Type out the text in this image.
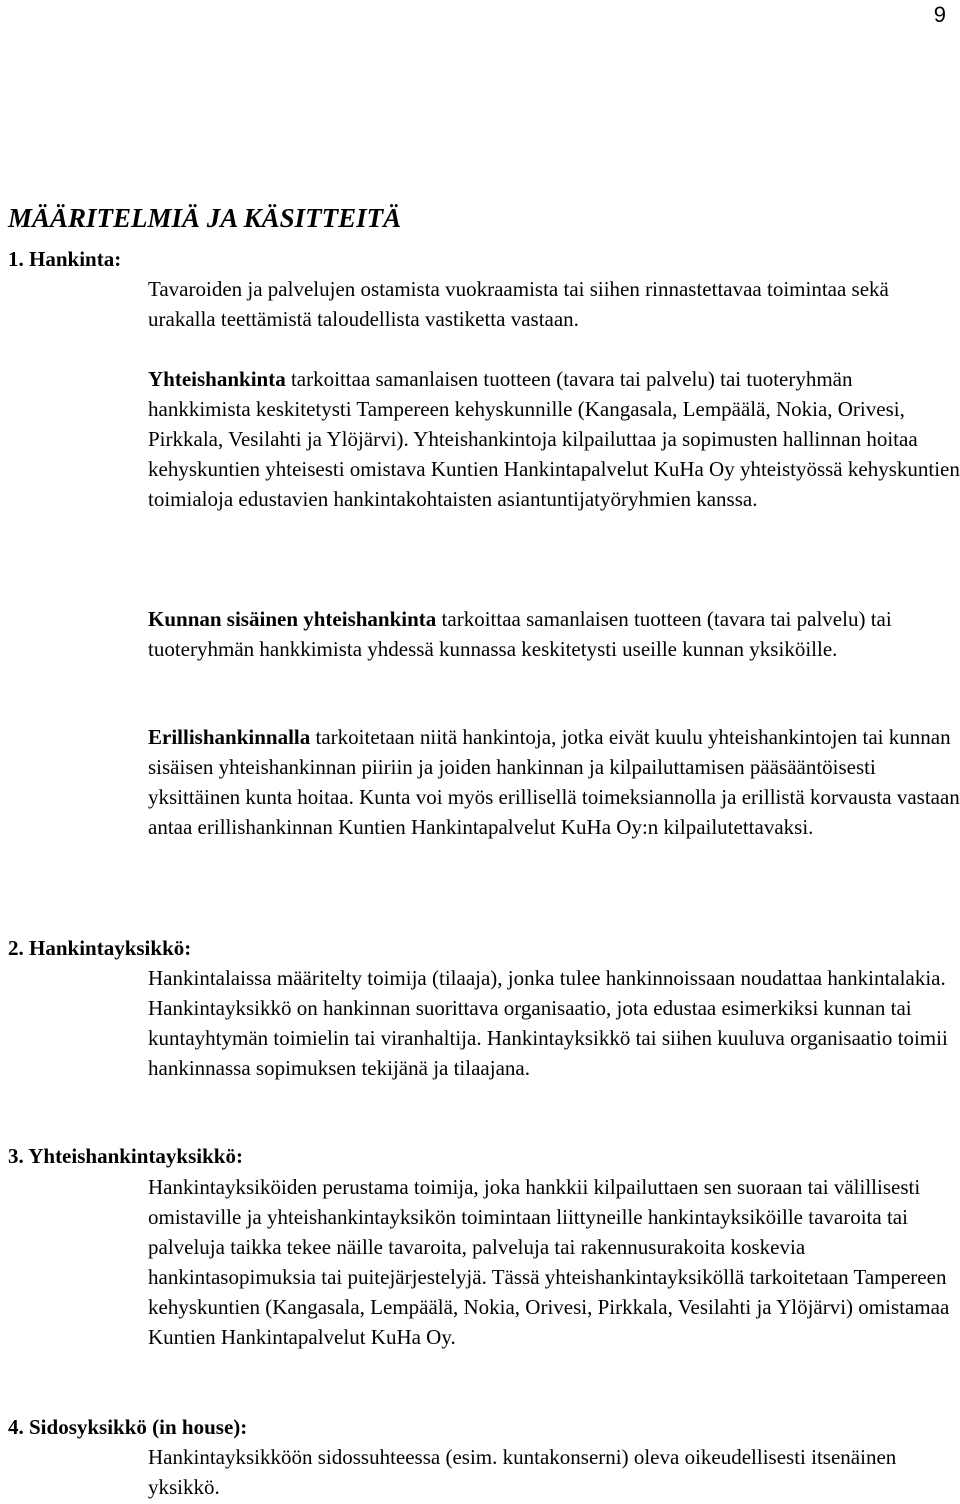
9
MÄÄRITELMIÄ JA KÄSITTEITÄ
1. Hankinta:

Tavaroiden ja palvelujen ostamista vuokraamista tai siihen rinnastettavaa toimintaa sekä urakalla teettämistä taloudellista vastiketta vastaan.

Yhteishankinta tarkoittaa samanlaisen tuotteen (tavara tai palvelu) tai tuoteryhmän hankkimista keskitetysti Tampereen kehyskunnille (Kangasala, Lempäälä, Nokia, Orivesi, Pirkkala, Vesilahti ja Ylöjärvi). Yhteishankintoja kilpailuttaa ja sopimusten hallinnan hoitaa kehyskuntien yhteisesti omistava Kuntien Hankintapalvelut KuHa Oy yhteistyössä kehyskuntien toimialoja edustavien hankintakohtaisten asiantuntijatyöryhmien kanssa.

Kunnan sisäinen yhteishankinta tarkoittaa samanlaisen tuotteen (tavara tai palvelu) tai tuoteryhmän hankkimista yhdessä kunnassa keskitetysti useille kunnan yksiköille.

Erillishankinnalla tarkoitetaan niitä hankintoja, jotka eivät kuulu yhteishankintojen tai kunnan sisäisen yhteishankinnan piiriin ja joiden hankinnan ja kilpailuttamisen pääsääntöisesti yksittäinen kunta hoitaa. Kunta voi myös erillisellä toimeksiannolla ja erillistä korvausta vastaan antaa erillishankinnan Kuntien Hankintapalvelut KuHa Oy:n kilpailutettavaksi.

2. Hankintayksikkö:

Hankintalaissa määritelty toimija (tilaaja), jonka tulee hankinnoissaan noudattaa hankintalakia. Hankintayksikkö on hankinnan suorittava organisaatio, jota edustaa esimerkiksi kunnan tai kuntayhtymän toimielin tai viranhaltija. Hankintayksikkö tai siihen kuuluva organisaatio toimii hankinnassa sopimuksen tekijänä ja tilaajana.

3. Yhteishankintayksikkö:

Hankintayksiköiden perustama toimija, joka hankkii kilpailuttaen sen suoraan tai välillisesti omistaville ja yhteishankintayksikön toimintaan liittyneille hankintayksiköille tavaroita tai palveluja taikka tekee näille tavaroita, palveluja tai rakennusurakoita koskevia hankintasopimuksia tai puitejärjestelyjä. Tässä yhteishankintayksiköllä tarkoitetaan Tampereen kehyskuntien (Kangasala, Lempäälä, Nokia, Orivesi, Pirkkala, Vesilahti ja Ylöjärvi) omistamaa Kuntien Hankintapalvelut KuHa Oy.

4. Sidosyksikkö (in house):

Hankintayksikköön sidossuhteessa (esim. kuntakonserni) oleva oikeudellisesti itsenäinen yksikkö.
